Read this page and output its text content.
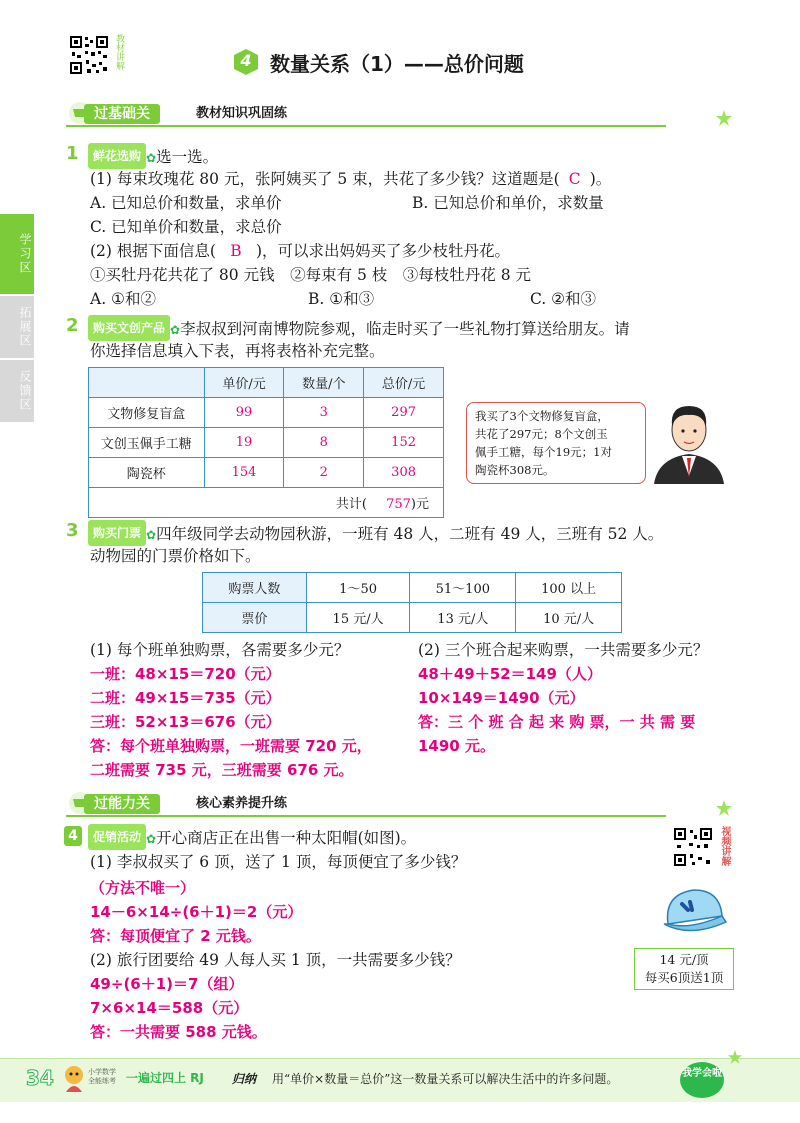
教材讲解	4 数量关系（1）——总价问题
学习区
拓展区
反馈区
过基础关	教材知识巩固练
1	鲜花选购 ✿选一选。
(1) 每束玫瑰花 80 元，张阿姨买了 5 束，共花了多少钱？这道题是( C )。
A. 已知总价和数量，求单价	B. 已知总价和单价，求数量
C. 已知单价和数量，求总价
(2) 根据下面信息( B )，可以求出妈妈买了多少枝牡丹花。
①买牡丹花共花了 80 元钱　②每束有 5 枝　③每枝牡丹花 8 元
A. ①和②	B. ①和③	C. ②和③
2	购买文创产品 ✿李叔叔到河南博物院参观，临走时买了一些礼物打算送给朋友。请
你选择信息填入下表，再将表格补充完整。
	单价/元	数量/个	总价/元
文物修复盲盒	99	3	297
文创玉佩手工糖	19	8	152
陶瓷杯	154	2	308
共计( 757)元			
我买了3个文物修复盲盒，
共花了297元；8个文创玉
佩手工糖，每个19元；1对
陶瓷杯308元。
3	购买门票 ✿四年级同学去动物园秋游，一班有 48 人，二班有 49 人，三班有 52 人。
动物园的门票价格如下。
购票人数	1～50	51～100	100 以上
票价	15 元/人	13 元/人	10 元/人
(1) 每个班单独购票，各需要多少元？
一班：48×15＝720（元）
二班：49×15＝735（元）
三班：52×13＝676（元）
答：每个班单独购票，一班需要 720 元，
二班需要 735 元，三班需要 676 元。
(2) 三个班合起来购票，一共需要多少元？
48＋49＋52＝149（人）
10×149＝1490（元）
答：三 个 班 合 起 来 购 票，一 共 需 要
1490 元。
过能力关	核心素养提升练
4	促销活动 ✿开心商店正在出售一种太阳帽(如图)。
(1) 李叔叔买了 6 顶，送了 1 顶，每顶便宜了多少钱？
（方法不唯一）
14－6×14÷(6＋1)＝2（元）
答：每顶便宜了 2 元钱。
(2) 旅行团要给 49 人每人买 1 顶，一共需要多少钱？
49÷(6＋1)＝7（组）
7×6×14＝588（元）
答：一共需要 588 元钱。
视频讲解
14 元/顶
每买6顶送1顶
34	小学数学
全能练考 一遍过四上 RJ 归纳 用“单价×数量＝总价”这一数量关系可以解决生活中的许多问题。	我学会啦
